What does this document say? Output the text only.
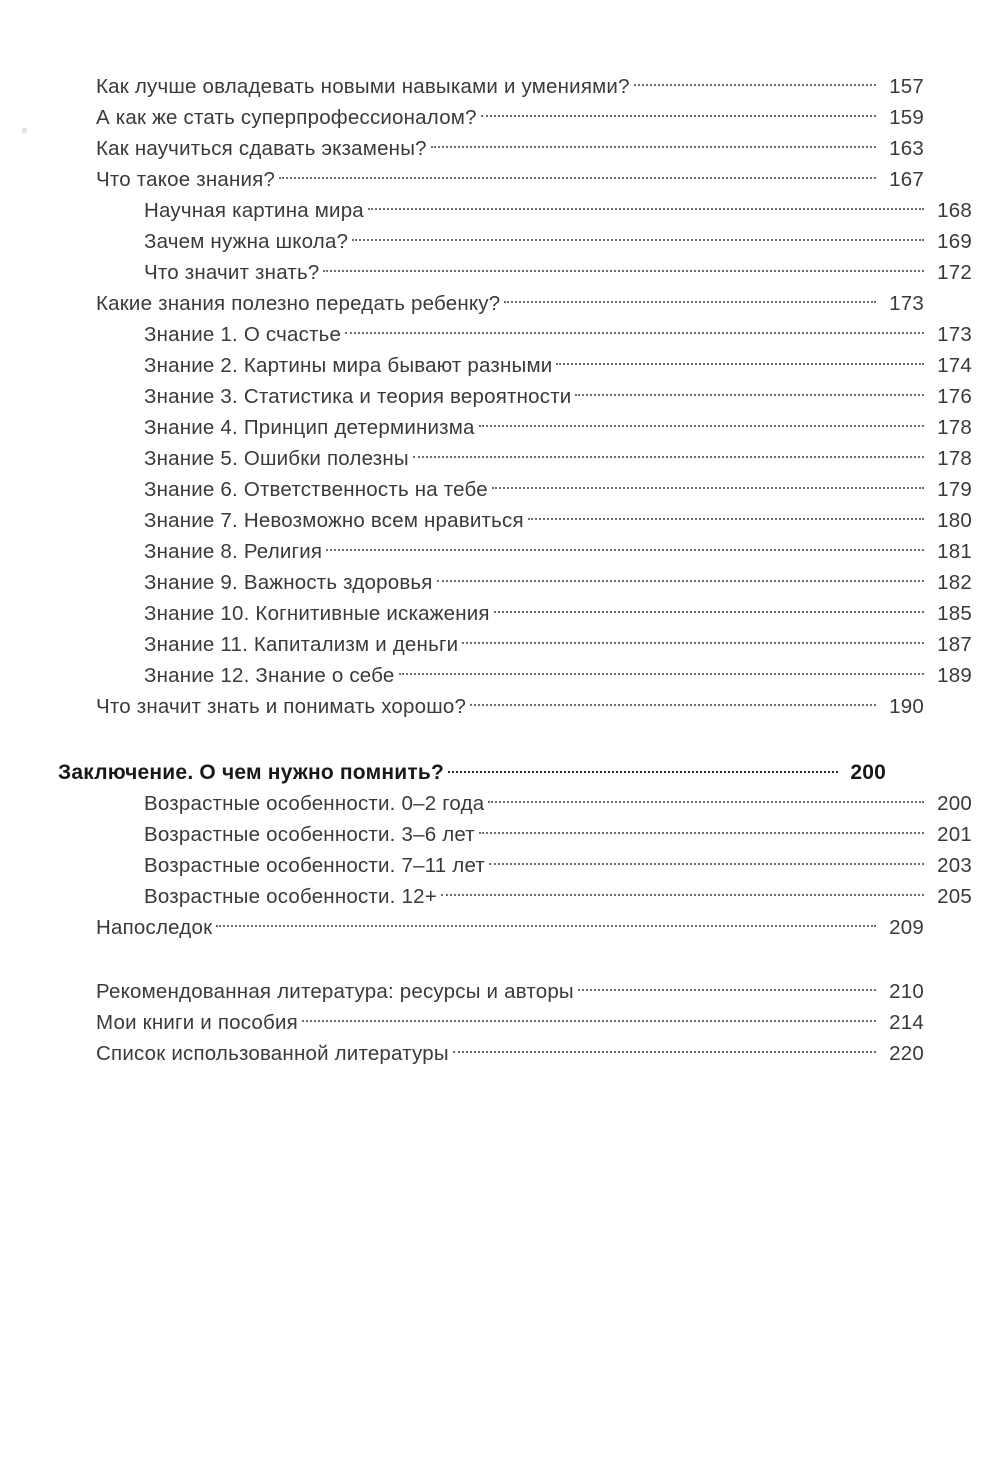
Как лучше овладевать новыми навыками и умениями?	157
А как же стать суперпрофессионалом?	159
Как научиться сдавать экзамены?	163
Что такое знания?	167
Научная картина мира	168
Зачем нужна школа?	169
Что значит знать?	172
Какие знания полезно передать ребенку?	173
Знание 1. О счастье	173
Знание 2. Картины мира бывают разными	174
Знание 3. Статистика и теория вероятности	176
Знание 4. Принцип детерминизма	178
Знание 5. Ошибки полезны	178
Знание 6. Ответственность на тебе	179
Знание 7. Невозможно всем нравиться	180
Знание 8. Религия	181
Знание 9. Важность здоровья	182
Знание 10. Когнитивные искажения	185
Знание 11. Капитализм и деньги	187
Знание 12. Знание о себе	189
Что значит знать и понимать хорошо?	190
Заключение. О чем нужно помнить?	200
Возрастные особенности. 0–2 года	200
Возрастные особенности. 3–6 лет	201
Возрастные особенности. 7–11 лет	203
Возрастные особенности. 12+	205
Напоследок	209
Рекомендованная литература: ресурсы и авторы	210
Мои книги и пособия	214
Список использованной литературы	220
